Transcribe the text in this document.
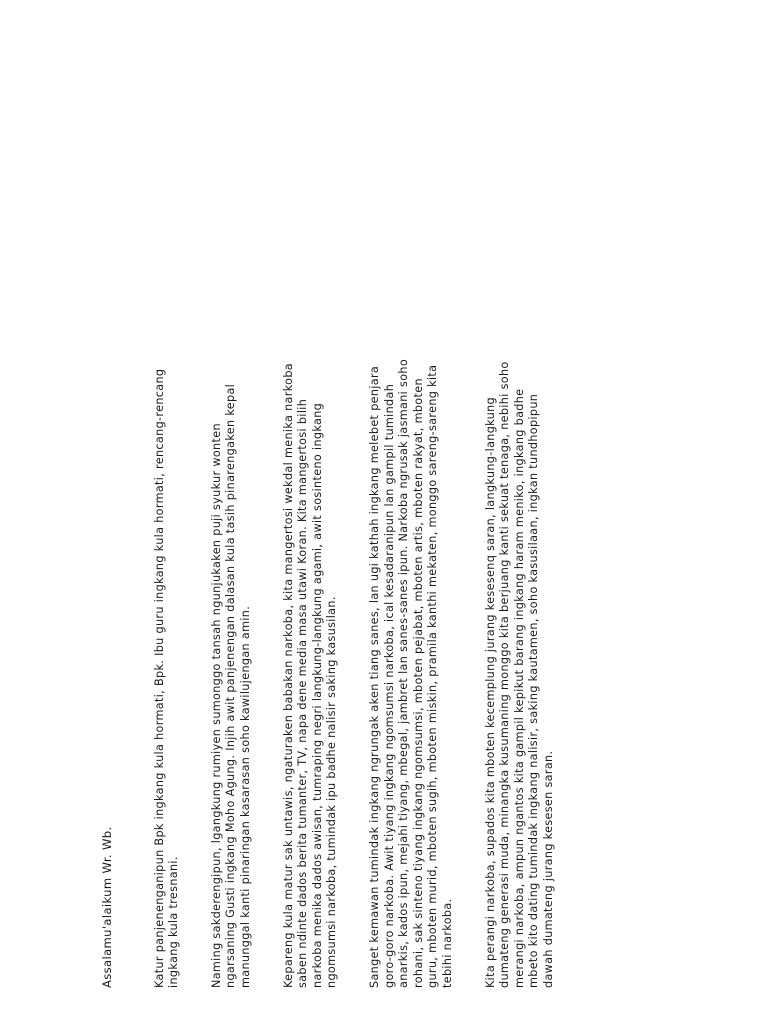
Assalamu'alaikum Wr. Wb.	Katur panjenenganipun Bpk ingkang kula hormati, Bpk. Ibu guru ingkang kula hormati, rencang-rencang ingkang kula tresnani.	Naming sakderengipun, lgangkung rumiyen sumonggo tansah ngunjukaken puji syukur wonten ngarsaning Gusti ingkang Moho Agung. Injih awit panjenengan dalasan kula tasih pinarengaken kepal manunggal kanti pinaringan kasarasan soho kawilujengan amin.	Kepareng kula matur sak untawis, ngaturaken babakan narkoba, kita mangertosi wekdal menika narkoba saben ndinte dados berita tumanter, TV, napa dene media masa utawi Koran. Kita mangertosi bilih narkoba menika dados awisan, tumraping negri langkung-langkung agami, awit sosinteno ingkang ngomsumsi narkoba, tumindak ipu badhe nalisir saking kasusilan.	Sanget kemawan tumindak ingkang ngrungak aken tiang sanes, lan ugi kathah ingkang melebet penjara goro-goro narkoba. Awit tiyang ingkang ngomsumsi narkoba, ical kesadaranipun lan gampil tumindah anarkis, kados ipun, mejahi tiyang, mbegal, jambret lan sanes-sanes ipun. Narkoba ngrusak jasmani soho rohani, sak sinteno tiyang ingkang ngomsumsi, mboten pejabat, mboten artis, mboten rakyat, mboten guru, mboten murid, mboten sugih, mboten miskin, pramila kanthi mekaten, monggo sareng-sareng kita tebihi narkoba.	Kita perangi narkoba, supados kita mboten kecemplung jurang kesesenq saran, langkung-langkung dumateng generasi muda, minangka kusumaning monggo kita berjuang kanti sekuat tenaga, nebihi soho merangi narkoba, ampun ngantos kita gampil kepikut barang ingkang haram meniko, ingkang badhe mbeto kito dating tumindak ingkang nalisir, saking kautamen, soho kasusilaan, ingkan tundhopipun dawah dumateng jurang kesesen saran.
